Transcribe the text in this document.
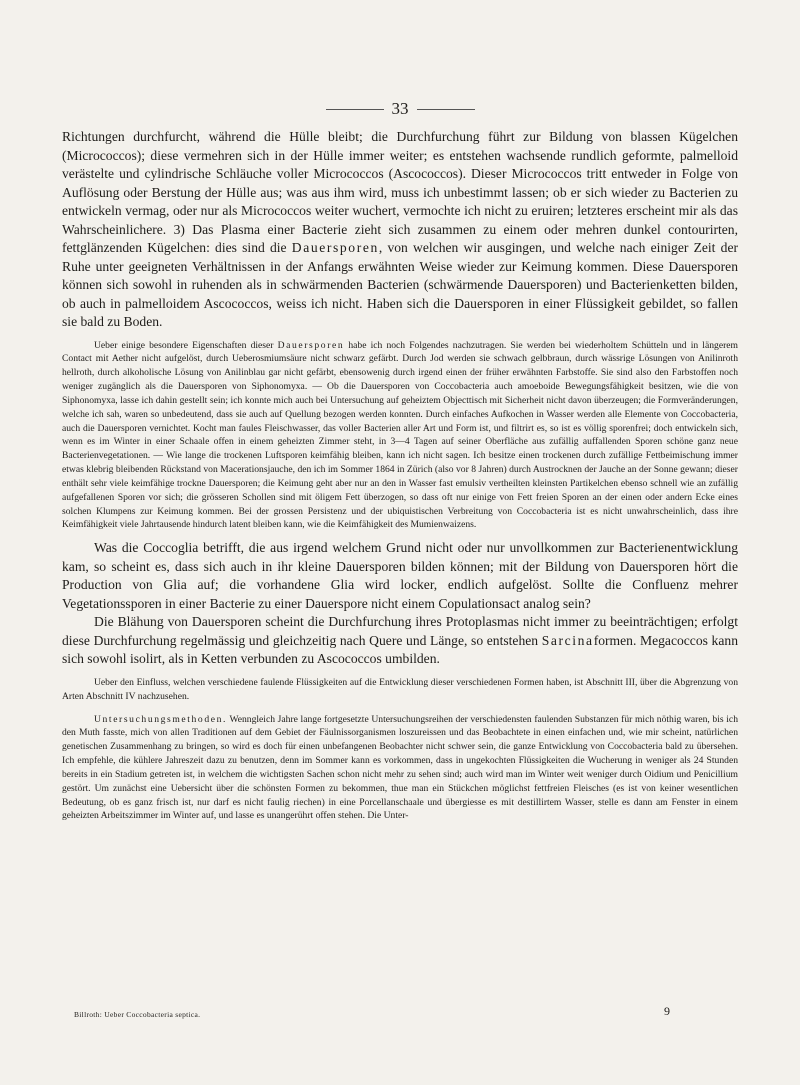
33

Richtungen durchfurcht, während die Hülle bleibt; die Durchfurchung führt zur Bildung von blassen Kügelchen (Micrococcos); diese vermehren sich in der Hülle immer weiter; es entstehen wachsende rundlich geformte, palmelloid verästelte und cylindrische Schläuche voller Micrococcos (Ascococcos). Dieser Micrococcos tritt entweder in Folge von Auflösung oder Berstung der Hülle aus; was aus ihm wird, muss ich unbestimmt lassen; ob er sich wieder zu Bacterien zu entwickeln vermag, oder nur als Micrococcos weiter wuchert, vermochte ich nicht zu eruiren; letzteres erscheint mir als das Wahrscheinlichere. 3) Das Plasma einer Bacterie zieht sich zusammen zu einem oder mehren dunkel contourirten, fettglänzenden Kügelchen: dies sind die Dauersporen, von welchen wir ausgingen, und welche nach einiger Zeit der Ruhe unter geeigneten Verhältnissen in der Anfangs erwähnten Weise wieder zur Keimung kommen. Diese Dauersporen können sich sowohl in ruhenden als in schwärmenden Bacterien (schwärmende Dauersporen) und Bacterienketten bilden, ob auch in palmelloidem Ascococcos, weiss ich nicht. Haben sich die Dauersporen in einer Flüssigkeit gebildet, so fallen sie bald zu Boden.

Ueber einige besondere Eigenschaften dieser Dauersporen habe ich noch Folgendes nachzutragen. Sie werden bei wiederholtem Schütteln und in längerem Contact mit Aether nicht aufgelöst, durch Ueberosmiumsäure nicht schwarz gefärbt. Durch Jod werden sie schwach gelbbraun, durch wässrige Lösungen von Anilinroth hellroth, durch alkoholische Lösung von Anilinblau gar nicht gefärbt, ebensowenig durch irgend einen der früher erwähnten Farbstoffe. Sie sind also den Farbstoffen noch weniger zugänglich als die Dauersporen von Siphonomyxa. — Ob die Dauersporen von Coccobacteria auch amoeboide Bewegungsfähigkeit besitzen, wie die von Siphonomyxa, lasse ich dahin gestellt sein; ich konnte mich auch bei Untersuchung auf geheiztem Objecttisch mit Sicherheit nicht davon überzeugen; die Formveränderungen, welche ich sah, waren so unbedeutend, dass sie auch auf Quellung bezogen werden konnten. Durch einfaches Aufkochen in Wasser werden alle Elemente von Coccobacteria, auch die Dauersporen vernichtet. Kocht man faules Fleischwasser, das voller Bacterien aller Art und Form ist, und filtrirt es, so ist es völlig sporenfrei; doch entwickeln sich, wenn es im Winter in einer Schaale offen in einem geheizten Zimmer steht, in 3—4 Tagen auf seiner Oberfläche aus zufällig auffallenden Sporen schöne ganz neue Bacterienvegetationen. — Wie lange die trockenen Luftsporen keimfähig bleiben, kann ich nicht sagen. Ich besitze einen trockenen durch zufällige Fettbeimischung immer etwas klebrig bleibenden Rückstand von Macerationsjauche, den ich im Sommer 1864 in Zürich (also vor 8 Jahren) durch Austrocknen der Jauche an der Sonne gewann; dieser enthält sehr viele keimfähige trockne Dauersporen; die Keimung geht aber nur an den in Wasser fast emulsiv vertheilten kleinsten Partikelchen ebenso schnell wie an zufällig aufgefallenen Sporen vor sich; die grösseren Schollen sind mit öligem Fett überzogen, so dass oft nur einige von Fett freien Sporen an der einen oder andern Ecke eines solchen Klumpens zur Keimung kommen. Bei der grossen Persistenz und der ubiquistischen Verbreitung von Coccobacteria ist es nicht unwahrscheinlich, dass ihre Keimfähigkeit viele Jahrtausende hindurch latent bleiben kann, wie die Keimfähigkeit des Mumienwaizens.

Was die Coccoglia betrifft, die aus irgend welchem Grund nicht oder nur unvollkommen zur Bacterienentwicklung kam, so scheint es, dass sich auch in ihr kleine Dauersporen bilden können; mit der Bildung von Dauersporen hört die Production von Glia auf; die vorhandene Glia wird locker, endlich aufgelöst. Sollte die Confluenz mehrer Vegetationssporen in einer Bacterie zu einer Dauerspore nicht einem Copulationsact analog sein?

Die Blähung von Dauersporen scheint die Durchfurchung ihres Protoplasmas nicht immer zu beeinträchtigen; erfolgt diese Durchfurchung regelmässig und gleichzeitig nach Quere und Länge, so entstehen Sarcinaformen. Megacoccos kann sich sowohl isolirt, als in Ketten verbunden zu Ascococcos umbilden.

Ueber den Einfluss, welchen verschiedene faulende Flüssigkeiten auf die Entwicklung dieser verschiedenen Formen haben, ist Abschnitt III, über die Abgrenzung von Arten Abschnitt IV nachzusehen.

Untersuchungsmethoden. Wenngleich Jahre lange fortgesetzte Untersuchungsreihen der verschiedensten faulenden Substanzen für mich nöthig waren, bis ich den Muth fasste, mich von allen Traditionen auf dem Gebiet der Fäulnissorganismen loszureissen und das Beobachtete in einen einfachen und, wie mir scheint, natürlichen genetischen Zusammenhang zu bringen, so wird es doch für einen unbefangenen Beobachter nicht schwer sein, die ganze Entwicklung von Coccobacteria bald zu übersehen. Ich empfehle, die kühlere Jahreszeit dazu zu benutzen, denn im Sommer kann es vorkommen, dass in ungekochten Flüssigkeiten die Wucherung in weniger als 24 Stunden bereits in ein Stadium getreten ist, in welchem die wichtigsten Sachen schon nicht mehr zu sehen sind; auch wird man im Winter weit weniger durch Oidium und Penicillium gestört. Um zunächst eine Uebersicht über die schönsten Formen zu bekommen, thue man ein Stückchen möglichst fettfreien Fleisches (es ist von keiner wesentlichen Bedeutung, ob es ganz frisch ist, nur darf es nicht faulig riechen) in eine Porcellanschaale und übergiesse es mit destillirtem Wasser, stelle es dann am Fenster in einem geheizten Arbeitszimmer im Winter auf, und lasse es unangerührt offen stehen. Die Unter-

Billroth: Ueber Coccobacteria septica.	9
